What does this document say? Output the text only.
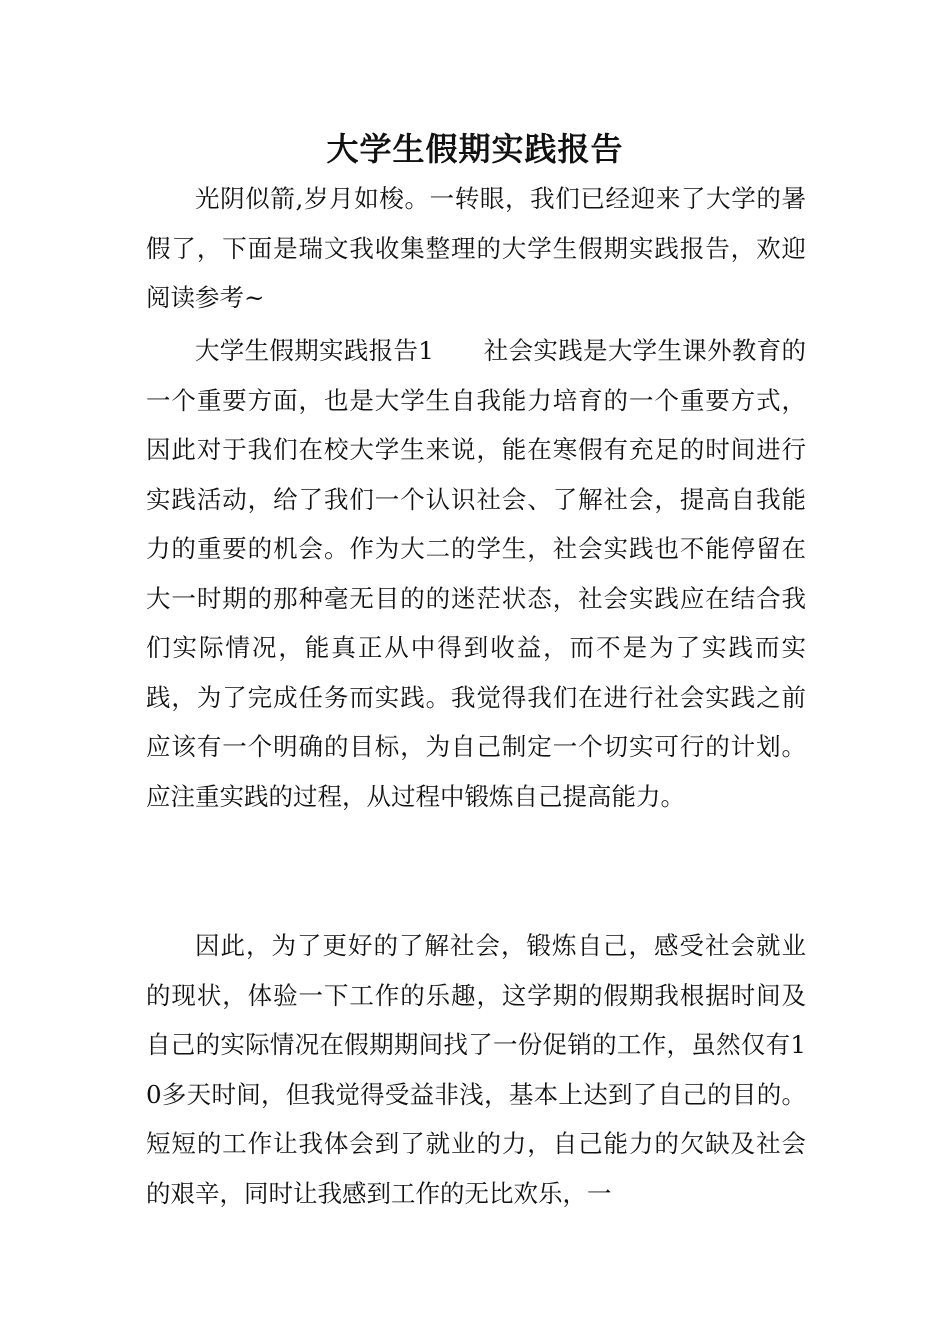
大学生假期实践报告

光阴似箭,岁月如梭。一转眼，我们已经迎来了大学的暑假了，下面是瑞文我收集整理的大学生假期实践报告，欢迎阅读参考~

大学生假期实践报告1　　社会实践是大学生课外教育的一个重要方面，也是大学生自我能力培育的一个重要方式，因此对于我们在校大学生来说，能在寒假有充足的时间进行实践活动，给了我们一个认识社会、了解社会，提高自我能力的重要的机会。作为大二的学生，社会实践也不能停留在大一时期的那种毫无目的的迷茫状态，社会实践应在结合我们实际情况，能真正从中得到收益，而不是为了实践而实践，为了完成任务而实践。我觉得我们在进行社会实践之前应该有一个明确的目标，为自己制定一个切实可行的计划。应注重实践的过程，从过程中锻炼自己提高能力。

因此，为了更好的了解社会，锻炼自己，感受社会就业的现状，体验一下工作的乐趣，这学期的假期我根据时间及自己的实际情况在假期期间找了一份促销的工作，虽然仅有10多天时间，但我觉得受益非浅，基本上达到了自己的目的。短短的工作让我体会到了就业的力，自己能力的欠缺及社会的艰辛，同时让我感到工作的无比欢乐，一
